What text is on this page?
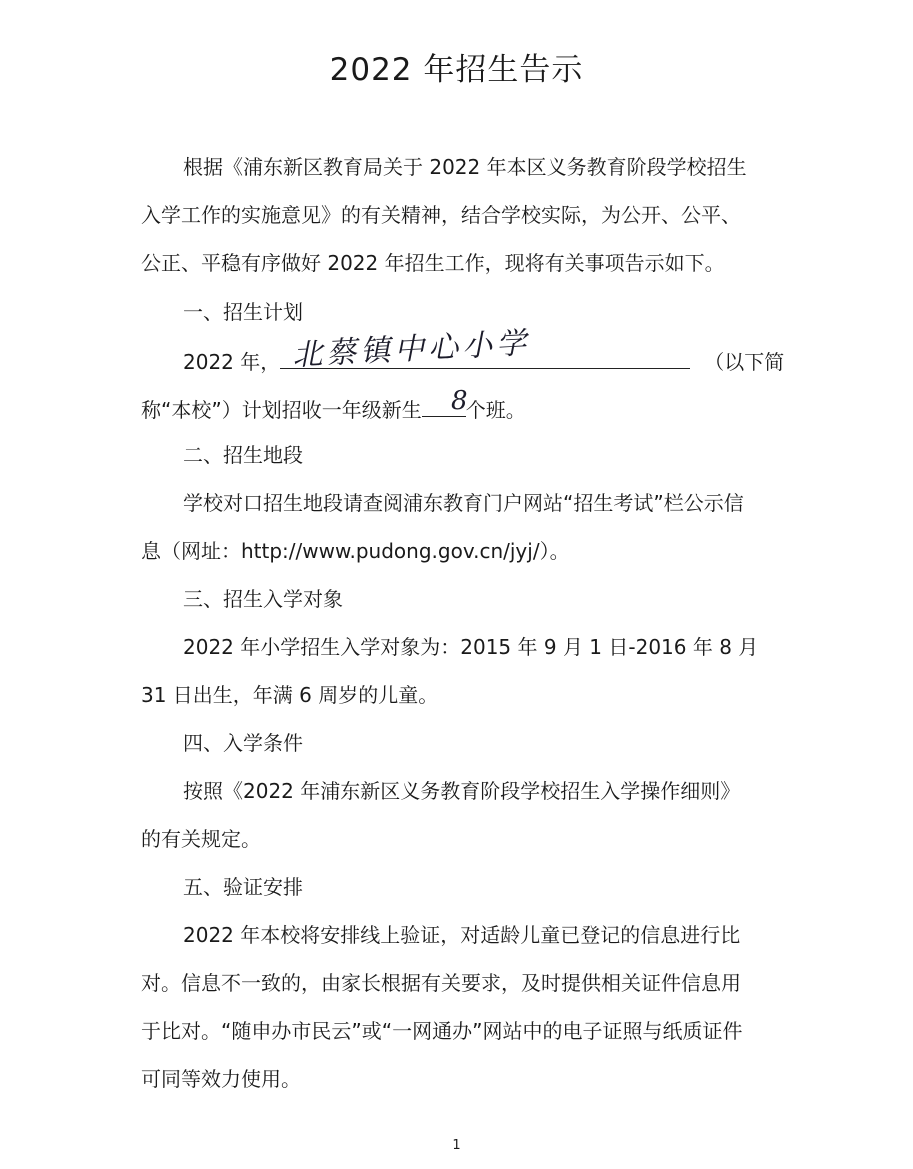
2022 年招生告示
根据《浦东新区教育局关于 2022 年本区义务教育阶段学校招生
入学工作的实施意见》的有关精神，结合学校实际，为公开、公平、
公正、平稳有序做好 2022 年招生工作，现将有关事项告示如下。
一、招生计划
2022 年，	（以下简
北蔡镇中心小学
称“本校”）计划招收一年级新生 个班。
8
二、招生地段
学校对口招生地段请查阅浦东教育门户网站“招生考试”栏公示信
息（网址：http://www.pudong.gov.cn/jyj/）。
三、招生入学对象
2022 年小学招生入学对象为：2015 年 9 月 1 日-2016 年 8 月
31 日出生，年满 6 周岁的儿童。
四、入学条件
按照《2022 年浦东新区义务教育阶段学校招生入学操作细则》
的有关规定。
五、验证安排
2022 年本校将安排线上验证，对适龄儿童已登记的信息进行比
对。信息不一致的，由家长根据有关要求，及时提供相关证件信息用
于比对。“随申办市民云”或“一网通办”网站中的电子证照与纸质证件
可同等效力使用。
1
